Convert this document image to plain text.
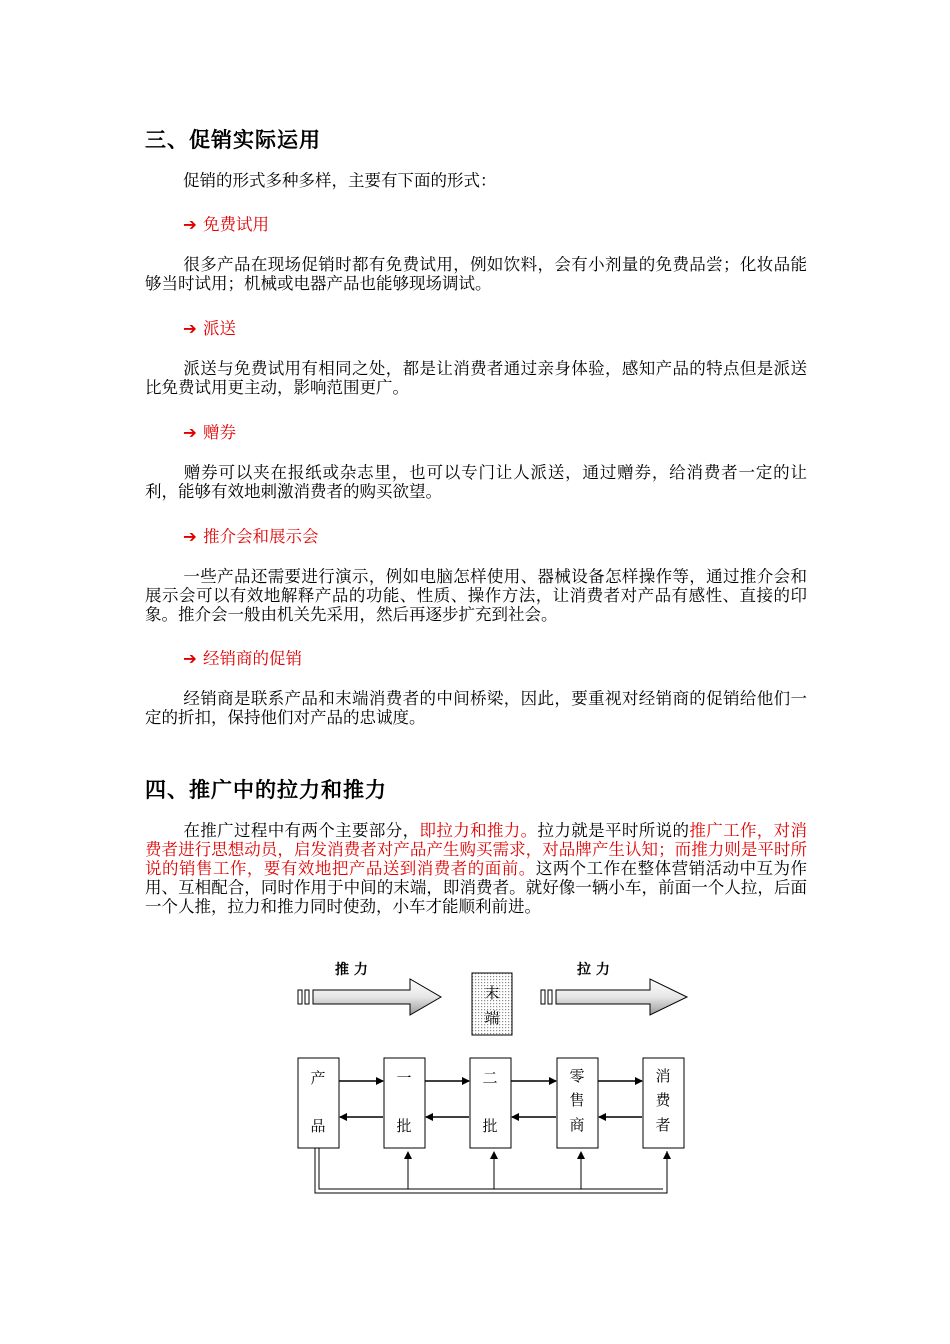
三、促销实际运用

促销的形式多种多样，主要有下面的形式：

➔ 免费试用

很多产品在现场促销时都有免费试用，例如饮料，会有小剂量的免费品尝；化妆品能够当时试用；机械或电器产品也能够现场调试。

➔ 派送

派送与免费试用有相同之处，都是让消费者通过亲身体验，感知产品的特点但是派送比免费试用更主动，影响范围更广。

➔ 赠券

赠券可以夹在报纸或杂志里，也可以专门让人派送，通过赠券，给消费者一定的让利，能够有效地刺激消费者的购买欲望。

➔ 推介会和展示会

一些产品还需要进行演示，例如电脑怎样使用、器械设备怎样操作等，通过推介会和展示会可以有效地解释产品的功能、性质、操作方法，让消费者对产品有感性、直接的印象。推介会一般由机关先采用，然后再逐步扩充到社会。

➔ 经销商的促销

经销商是联系产品和末端消费者的中间桥梁，因此，要重视对经销商的促销给他们一定的折扣，保持他们对产品的忠诚度。

四、推广中的拉力和推力

在推广过程中有两个主要部分，即拉力和推力。拉力就是平时所说的推广工作，对消费者进行思想动员，启发消费者对产品产生购买需求，对品牌产生认知；而推力则是平时所说的销售工作，要有效地把产品送到消费者的面前。这两个工作在整体营销活动中互为作用、互相配合，同时作用于中间的末端，即消费者。就好像一辆小车，前面一个人拉，后面一个人推，拉力和推力同时使劲，小车才能顺利前进。

推 力
末
端
拉 力
产
品
一
批
二
批
零
售
商
消
费
者
